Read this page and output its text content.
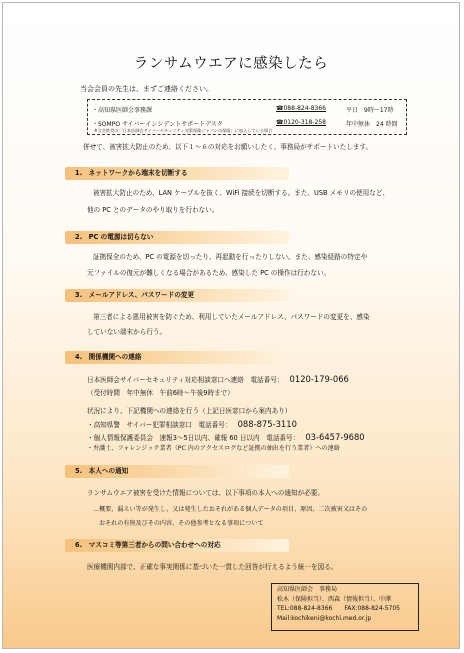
ランサムウエアに感染したら
当会会員の先生は、まずご連絡ください。
・高知県医師会事務課	☎088-824-8366	平日　9時～17時
・SOMPO サイバーインシデントサポートデスク	☎0120-318-258	年中無休　24 時間
※当会推奨の「日本医師会サイバーセキュリティ対策保険ジャパンの保険」に加入している場合
併せて、被害拡大防止のため、以下１～６の対応をお願いしたく、事務局がサポートいたします。
1.　ネットワークから端末を切断する
被害拡大防止のため、LAN ケーブルを抜く、WiFi 接続を切断する。また、USB メモリの使用など、
他の PC とのデータのやり取りを行わない。
2.　PC の電源は切らない
証拠保全のため、PC の電源を切ったり、再起動を行ったりしない。また、感染経路の特定や
元ファイルの復元が難しくなる場合があるため、感染した PC の操作は行わない。
3.　メールアドレス、パスワードの変更
第三者による悪用被害を防ぐため、利用していたメールアドレス、パスワードの変更を、感染
していない端末から行う。
4.　関係機関への連絡
日本医師会サイバーセキュリティ対応相談窓口へ連絡　電話番号： 0120-179-066
（受付時間　年中無休　午前6時～午後9時まで）
状況により、下記機関への連絡を行う（上記日医窓口から案内あり）
・高知県警　サイバー犯罪相談窓口　電話番号： 088-875-3110
・個人情報保護委員会　速報3～5日以内、確報 60 日以内　電話番号： 03-6457-9680
・弁護士、フォレンジック業者（PC 内のアクセスログなど証拠の抽出を行う業者）への連絡
5.　本人への通知
ランサムウエア被害を受けた情報については、以下事項の本人への通知が必要。
…概要、漏えい等が発生し、又は発生したおそれがある個人データの項目、原因、二次被害又はその
おそれの有無及びその内容、その他参考となる事項について
6.　マスコミ等第三者からの問い合わせへの対応
医療機関内部で、正確な事実関係に基づいた一貫した回答が行えるよう統一を図る。
高知県医師会　事務局
松木（保険担当）、西森（情報担当）、中澤
TEL:088-824-8366　　FAX:088-824-5705
Mail:kochikeni@kochi.med.or.jp
